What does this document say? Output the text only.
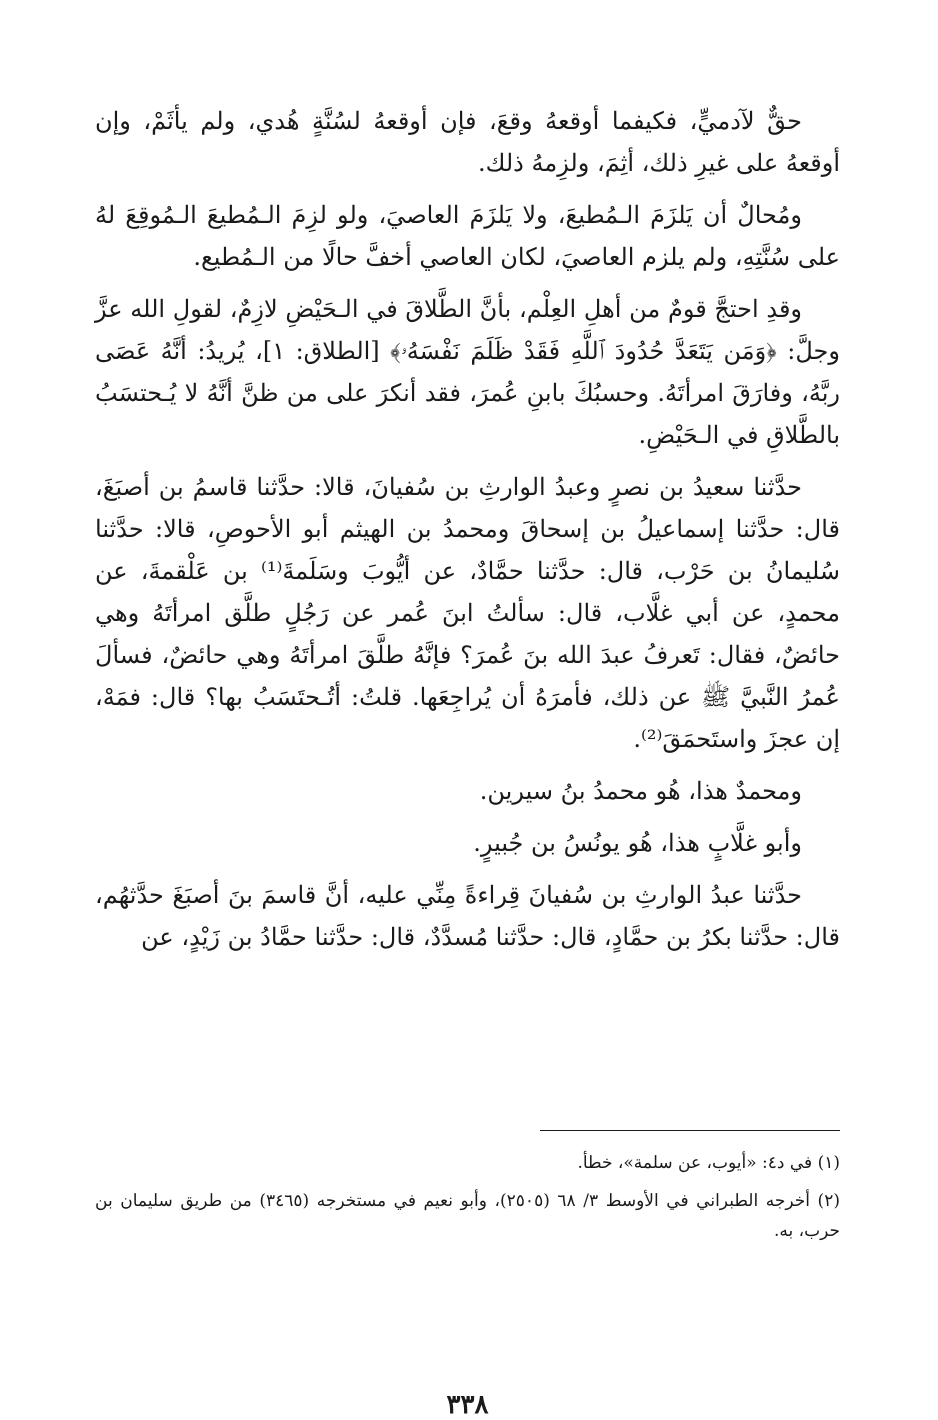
حقٌّ لآدميٍّ، فكيفما أوقعهُ وقعَ، فإن أوقعهُ لسُنَّةٍ هُدي، ولم يأثَمْ، وإن أوقعهُ على غيرِ ذلك، أثِمَ، ولزِمهُ ذلك.

ومُحالٌ أن يَلزَمَ الـمُطيعَ، ولا يَلزَمَ العاصيَ، ولو لزِمَ الـمُطيعَ الـمُوقِعَ لهُ على سُنَّتِهِ، ولم يلزم العاصيَ، لكان العاصي أخفَّ حالًا من الـمُطيع.

وقدِ احتجَّ قومٌ من أهلِ العِلْم، بأنَّ الطَّلاقَ في الـحَيْضِ لازِمٌ، لقولِ الله عزَّ وجلَّ: ﴿وَمَن يَتَعَدَّ حُدُودَ ٱللَّهِ فَقَدْ ظَلَمَ نَفْسَهُۥ﴾ [الطلاق: ١]، يُريدُ: أنَّهُ عَصَى ربَّهُ، وفارَقَ امرأتَهُ. وحسبُكَ بابنِ عُمرَ، فقد أنكرَ على من ظنَّ أنَّهُ لا يُـحتسَبُ بالطَّلاقِ في الـحَيْضِ.

حدَّثنا سعيدُ بن نصرٍ وعبدُ الوارثِ بن سُفيانَ، قالا: حدَّثنا قاسمُ بن أصبَغَ، قال: حدَّثنا إسماعيلُ بن إسحاقَ ومحمدُ بن الهيثم أبو الأحوصِ، قالا: حدَّثنا سُليمانُ بن حَرْب، قال: حدَّثنا حمَّادٌ، عن أيُّوبَ وسَلَمةَ⁽¹⁾ بن عَلْقمةَ، عن محمدٍ، عن أبي غلَّاب، قال: سألتُ ابنَ عُمر عن رَجُلٍ طلَّق امرأتَهُ وهي حائضٌ، فقال: تَعرفُ عبدَ الله بنَ عُمرَ؟ فإنَّهُ طلَّقَ امرأتَهُ وهي حائضٌ، فسألَ عُمرُ النَّبيَّ ﷺ عن ذلك، فأمرَهُ أن يُراجِعَها. قلتُ: أتُـحتَسَبُ بها؟ قال: فمَهْ، إن عجزَ واستَحمَقَ⁽²⁾.

ومحمدٌ هذا، هُو محمدُ بنُ سيرين.

وأبو غلَّابٍ هذا، هُو يونُسُ بن جُبيرٍ.

حدَّثنا عبدُ الوارثِ بن سُفيانَ قِراءةً مِنِّي عليه، أنَّ قاسمَ بنَ أصبَغَ حدَّثهُم، قال: حدَّثنا بكرُ بن حمَّادٍ، قال: حدَّثنا مُسدَّدٌ، قال: حدَّثنا حمَّادُ بن زَيْدٍ، عن

(١) في د٤: «أيوب، عن سلمة»، خطأ.

(٢) أخرجه الطبراني في الأوسط ٣/ ٦٨ (٢٥٠٥)، وأبو نعيم في مستخرجه (٣٤٦٥) من طريق سليمان بن حرب، به.

٣٣٨
